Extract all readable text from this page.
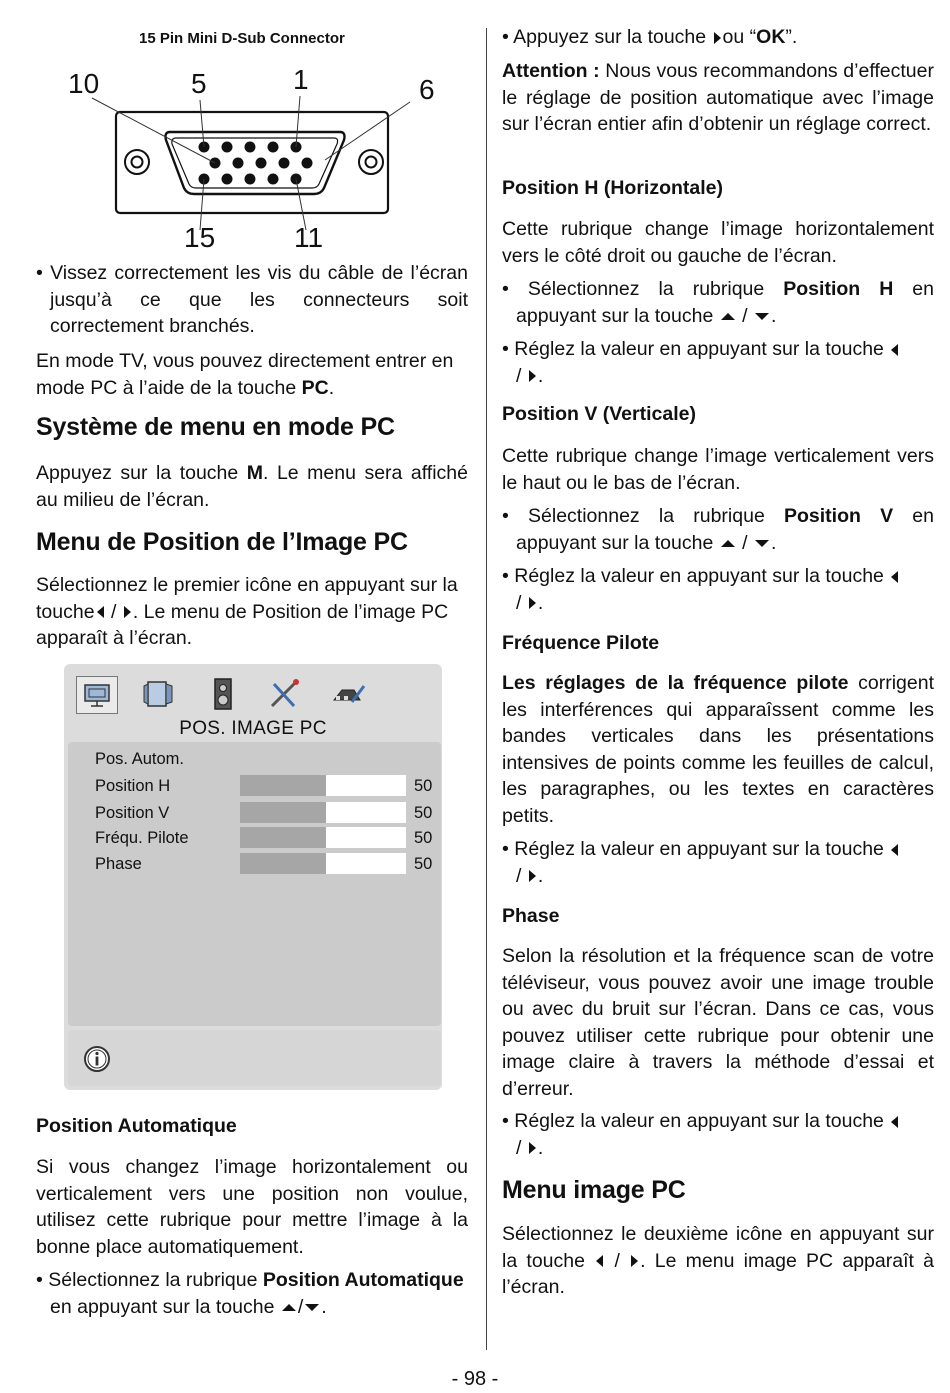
15 Pin Mini D-Sub Connector
10	5	1	6
15	11

• Vissez correctement les vis du câble de l’écran jusqu’à ce que les connecteurs soit correctement branchés.

En mode TV, vous pouvez directement entrer en mode PC à l’aide de la touche PC.

Système de menu en mode PC

Appuyez sur la touche M. Le menu sera affiché au milieu de l’écran.

Menu de Position de l’Image PC

Sélectionnez le premier icône en appuyant sur la touche / . Le menu de Position de l’image PC apparaît à l’écran.

Position Automatique

Si vous changez l’image horizontalement ou verticalement vers une position non voulue, utilisez cette rubrique pour mettre l’image à la bonne place automatiquement.

• Sélectionnez la rubrique Position Automatique en appuyant sur la touche / .

POS. IMAGE PC
Pos. Autom.
Position H	50
Position V	50
Fréqu. Pilote	50
Phase	50

• Appuyez sur la touche ou “OK”.

Attention : Nous vous recommandons d’effectuer le réglage de position automatique avec l’image sur l’écran entier afin d’obtenir un réglage correct.

Position H (Horizontale)

Cette rubrique change l’image horizontalement vers le côté droit ou gauche de l’écran.

• Sélectionnez la rubrique Position H en appuyant sur la touche  / .

• Réglez la valeur en appuyant sur la touche
/ .

Position V (Verticale)

Cette rubrique change l’image verticalement vers le haut ou le bas de l’écran.

• Sélectionnez la rubrique Position V en appuyant sur la touche  / .

• Réglez la valeur en appuyant sur la touche
/ .

Fréquence Pilote

Les réglages de la fréquence pilote corrigent les interférences qui apparaîssent comme les bandes verticales dans les présentations intensives de points comme les feuilles de calcul, les paragraphes, ou les textes en caractères petits.

• Réglez la valeur en appuyant sur la touche
/ .

Phase

Selon la résolution et la fréquence scan de votre téléviseur, vous pouvez avoir une image trouble ou avec du bruit sur l’écran. Dans ce cas, vous pouvez utiliser cette rubrique pour obtenir une image claire à travers la méthode d’essai et d’erreur.

• Réglez la valeur en appuyant sur la touche
/ .

Menu image PC

Sélectionnez le deuxième icône en appuyant sur la touche  / . Le menu image PC apparaît à l’écran.

- 98 -
